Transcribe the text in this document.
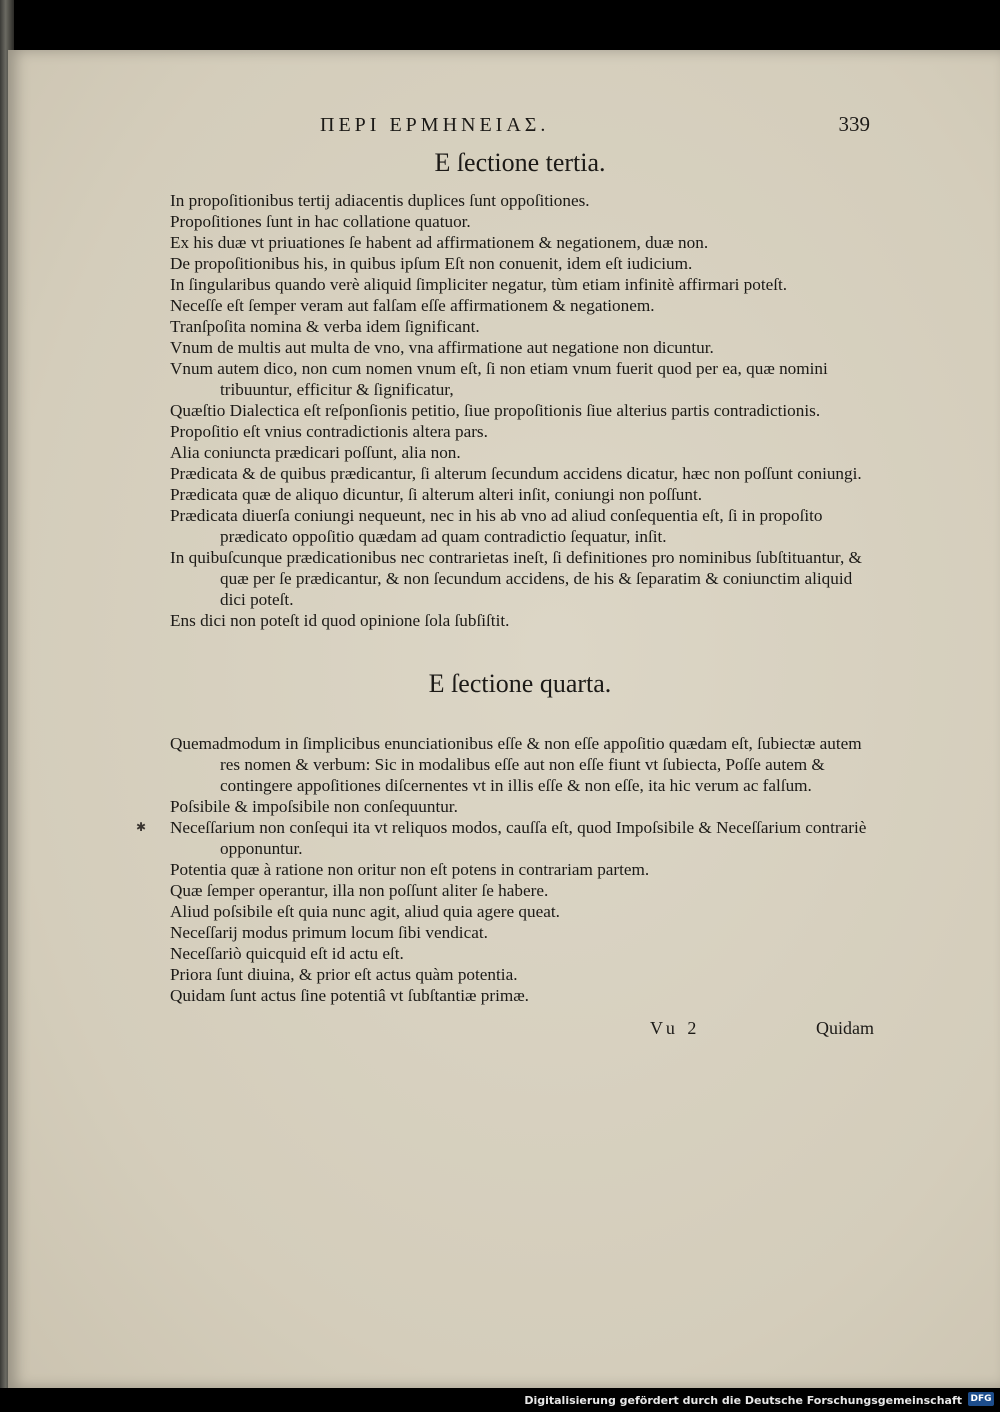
ΠΕΡΙ ΕΡΜΗΝΕΙΑΣ.	339
E ſectione tertia.
In propoſitionibus tertij adiacentis duplices ſunt oppoſitiones.
Propoſitiones ſunt in hac collatione quatuor.
Ex his duæ vt priuationes ſe habent ad affirmationem & negationem, duæ non.
De propoſitionibus his, in quibus ipſum Eſt non conuenit, idem eſt iudicium.
In ſingularibus quando verè aliquid ſimpliciter negatur, tùm etiam infinitè affirmari poteſt.
Neceſſe eſt ſemper veram aut falſam eſſe affirmationem & negationem.
Tranſpoſita nomina & verba idem ſignificant.
Vnum de multis aut multa de vno, vna affirmatione aut negatione non dicuntur.
Vnum autem dico, non cum nomen vnum eſt, ſi non etiam vnum fuerit quod per ea, quæ nomini tribuuntur, efficitur & ſignificatur,
Quæſtio Dialectica eſt reſponſionis petitio, ſiue propoſitionis ſiue alterius partis contradictionis.
Propoſitio eſt vnius contradictionis altera pars.
Alia coniuncta prædicari poſſunt, alia non.
Prædicata & de quibus prædicantur, ſi alterum ſecundum accidens dicatur, hæc non poſſunt coniungi.
Prædicata quæ de aliquo dicuntur, ſi alterum alteri inſit, coniungi non poſſunt.
Prædicata diuerſa coniungi nequeunt, nec in his ab vno ad aliud conſequentia eſt, ſi in propoſito prædicato oppoſitio quædam ad quam contradictio ſequatur, inſit.
In quibuſcunque prædicationibus nec contrarietas ineſt, ſi definitiones pro nominibus ſubſtituantur, & quæ per ſe prædicantur, & non ſecundum accidens, de his & ſeparatim & coniunctim aliquid dici poteſt.
Ens dici non poteſt id quod opinione ſola ſubſiſtit.
E ſectione quarta.
Quemadmodum in ſimplicibus enunciationibus eſſe & non eſſe appoſitio quædam eſt, ſubiectæ autem res nomen & verbum: Sic in modalibus eſſe aut non eſſe fiunt vt ſubiecta, Poſſe autem & contingere appoſitiones diſcernentes vt in illis eſſe & non eſſe, ita hic verum ac falſum.
Poſsibile & impoſsibile non conſequuntur.
Neceſſarium non conſequi ita vt reliquos modos, cauſſa eſt, quod Impoſsibile & Neceſſarium contrariè opponuntur.
Potentia quæ à ratione non oritur non eſt potens in contrariam partem.
Quæ ſemper operantur, illa non poſſunt aliter ſe habere.
Aliud poſsibile eſt quia nunc agit, aliud quia agere queat.
Neceſſarij modus primum locum ſibi vendicat.
Neceſſariò quicquid eſt id actu eſt.
Priora ſunt diuina, & prior eſt actus quàm potentia.
Quidam ſunt actus ſine potentiâ vt ſubſtantiæ primæ.
Vu 2	Quidam
✱
Digitalisierung gefördert durch die Deutsche Forschungsgemeinschaft DFG
